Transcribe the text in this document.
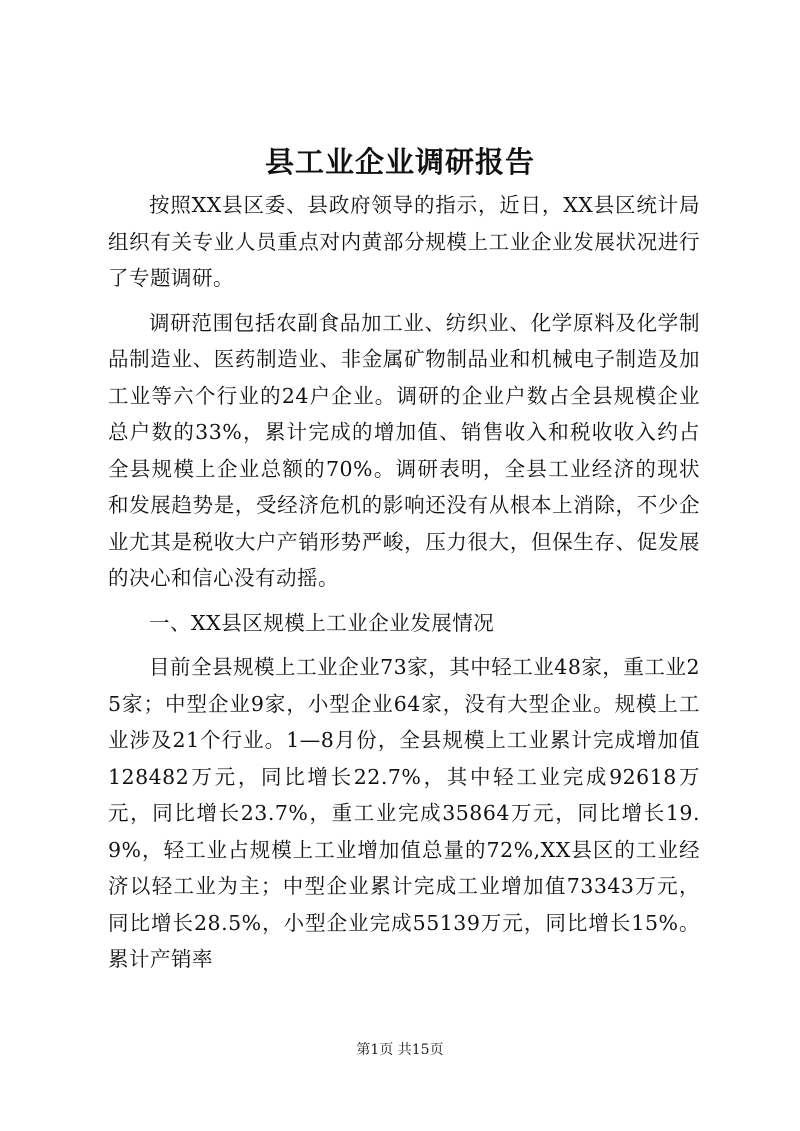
县工业企业调研报告

按照XX县区委、县政府领导的指示，近日，XX县区统计局组织有关专业人员重点对内黄部分规模上工业企业发展状况进行了专题调研。

调研范围包括农副食品加工业、纺织业、化学原料及化学制品制造业、医药制造业、非金属矿物制品业和机械电子制造及加工业等六个行业的24户企业。调研的企业户数占全县规模企业总户数的33%，累计完成的增加值、销售收入和税收收入约占全县规模上企业总额的70%。调研表明，全县工业经济的现状和发展趋势是，受经济危机的影响还没有从根本上消除，不少企业尤其是税收大户产销形势严峻，压力很大，但保生存、促发展的决心和信心没有动摇。

一、XX县区规模上工业企业发展情况

目前全县规模上工业企业73家，其中轻工业48家，重工业25家；中型企业9家，小型企业64家，没有大型企业。规模上工业涉及21个行业。1—8月份，全县规模上工业累计完成增加值128482万元，同比增长22.7%，其中轻工业完成92618万元，同比增长23.7%，重工业完成35864万元，同比增长19.9%，轻工业占规模上工业增加值总量的72%,XX县区的工业经济以轻工业为主；中型企业累计完成工业增加值73343万元，同比增长28.5%，小型企业完成55139万元，同比增长15%。累计产销率

第1页 共15页
